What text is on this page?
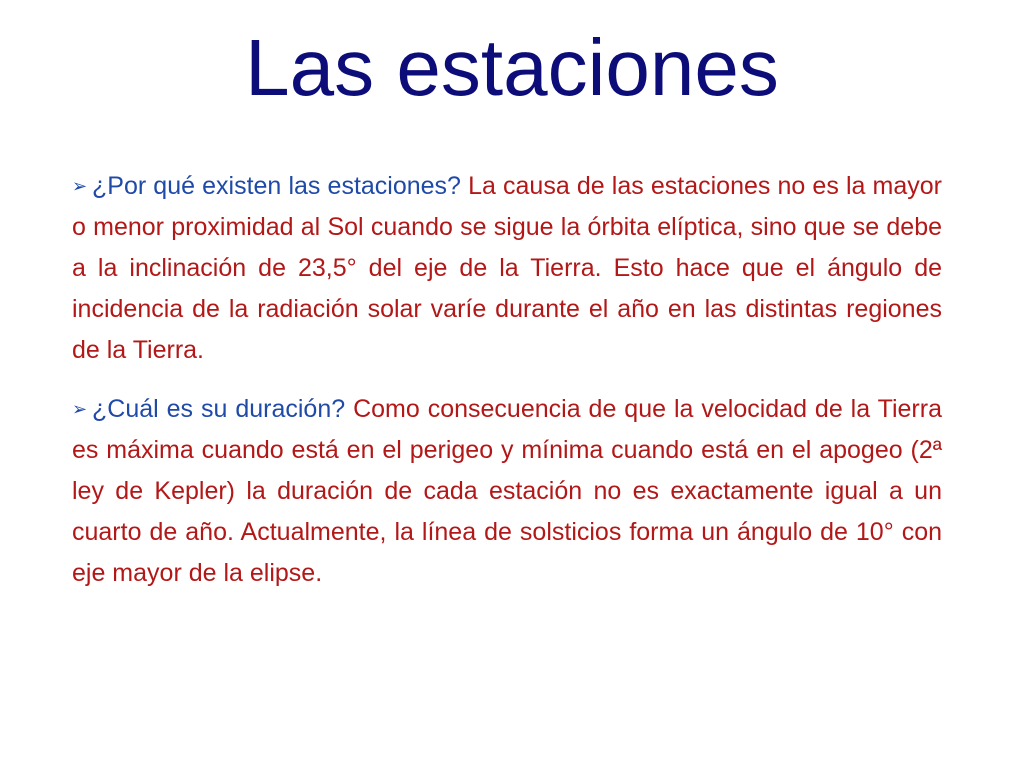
Las estaciones

➢ ¿Por qué existen las estaciones? La causa de las estaciones no es la mayor o menor proximidad al Sol cuando se sigue la órbita elíptica, sino que se debe a la inclinación de 23,5° del eje de la Tierra. Esto hace que el ángulo de incidencia de la radiación solar varíe durante el año en las distintas regiones de la Tierra.

➢ ¿Cuál es su duración? Como consecuencia de que la velocidad de la Tierra es máxima cuando está en el perigeo y mínima cuando está en el apogeo (2ª ley de Kepler) la duración de cada estación no es exactamente igual a un cuarto de año. Actualmente, la línea de solsticios forma un ángulo de 10° con eje mayor de la elipse.
